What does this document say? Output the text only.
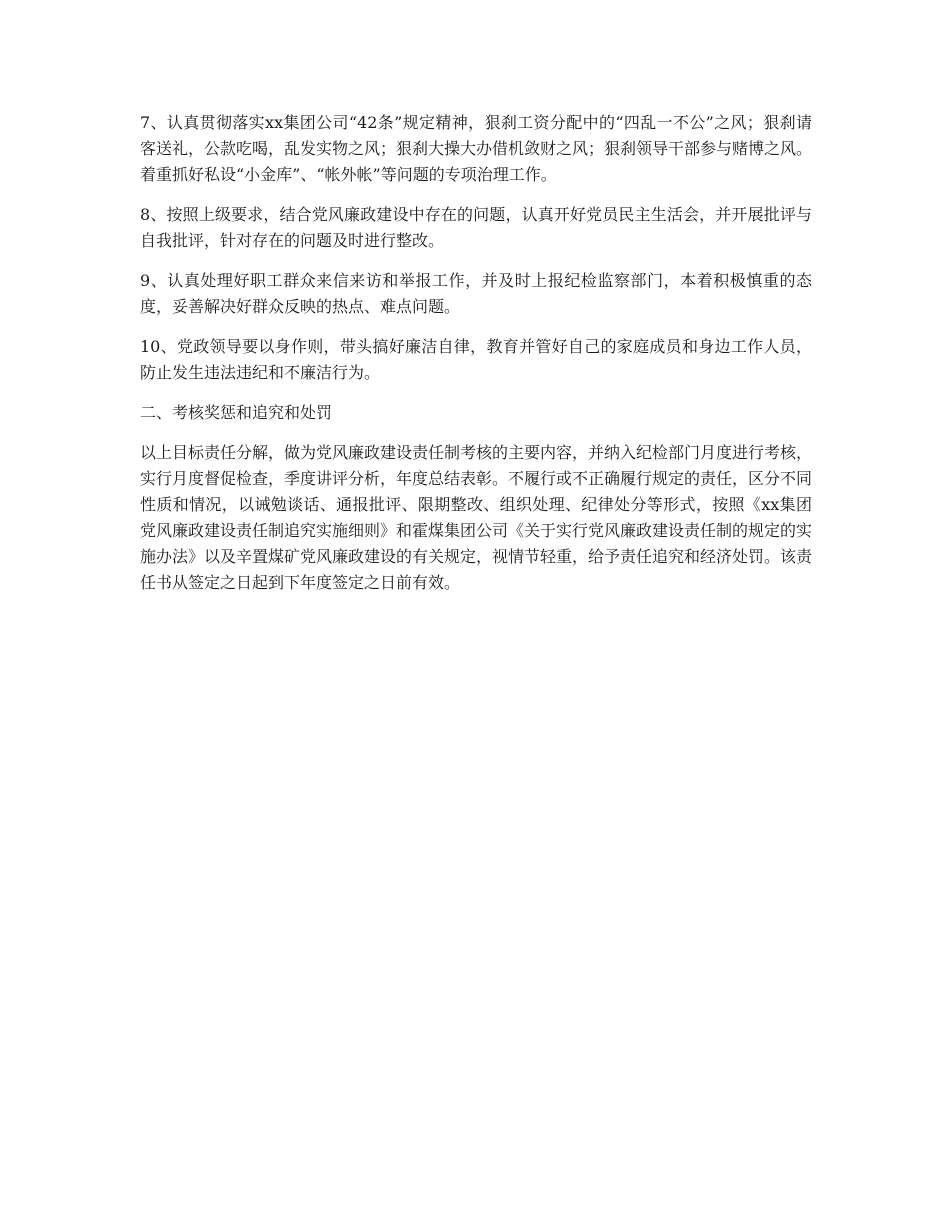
7、认真贯彻落实xx集团公司“42条”规定精神，狠刹工资分配中的“四乱一不公”之风；狠刹请客送礼，公款吃喝，乱发实物之风；狠刹大操大办借机敛财之风；狠刹领导干部参与赌博之风。着重抓好私设“小金库”、“帐外帐”等问题的专项治理工作。

8、按照上级要求，结合党风廉政建设中存在的问题，认真开好党员民主生活会，并开展批评与自我批评，针对存在的问题及时进行整改。

9、认真处理好职工群众来信来访和举报工作，并及时上报纪检监察部门，本着积极慎重的态度，妥善解决好群众反映的热点、难点问题。

10、党政领导要以身作则，带头搞好廉洁自律，教育并管好自己的家庭成员和身边工作人员，防止发生违法违纪和不廉洁行为。

二、考核奖惩和追究和处罚

以上目标责任分解，做为党风廉政建设责任制考核的主要内容，并纳入纪检部门月度进行考核，实行月度督促检查，季度讲评分析，年度总结表彰。不履行或不正确履行规定的责任，区分不同性质和情况，以诫勉谈话、通报批评、限期整改、组织处理、纪律处分等形式，按照《xx集团党风廉政建设责任制追究实施细则》和霍煤集团公司《关于实行党风廉政建设责任制的规定的实施办法》以及辛置煤矿党风廉政建设的有关规定，视情节轻重，给予责任追究和经济处罚。该责任书从签定之日起到下年度签定之日前有效。
